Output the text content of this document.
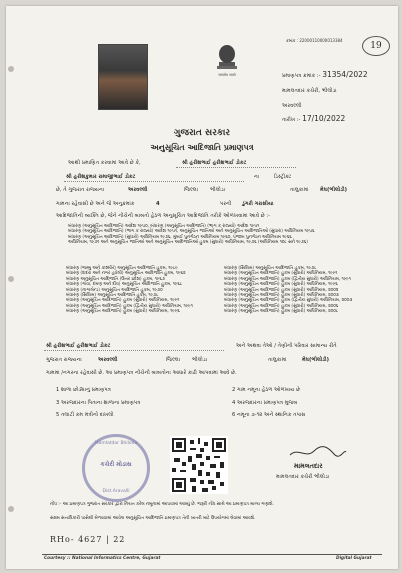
ક્રમાંક : 22000110000013384
19
सत्यमेव जयते	પ્રમાણપત્ર ક્રમાંક :- 31354/2022
મામલતદાર કચેરી, ભીલોડા
અરવલ્લી
તારીખ :- 17/10/2022
ગુજરાત સરકાર
અનુસૂચિત આદિજાતિ પ્રમાણપત્ર
આથી પ્રમાણિત કરવામાં આવે છે કે,	શ્રી હરીશભાઈ હરીશભાઈ ડોકટ
શ્રી હરીશકુમાર રામાજીભાઈ ડોકટ	ના	ડિસ્ટ્રીક્ટ
છે, તે ગુજરાત રાજ્યના	અરવલ્લી	જિલ્લા ભીલોડા	તાલુકામાં મેઘ(ભીલોડી)
ગામના રહેવાસી છે અને જે અનુક્રમાંક	4	પરની ડુંગરી ગરાસીયા
આદિજાતિની વ્યક્તિ છે, જેને નીચેની બાબતો હેઠળ અનુસૂચિત આદિજાતિ તરીકે ઓળખવામાં આવે છે :-
બંધારણ (અનુસૂચિત આદિજાતિ) આદેશ ૧૯૫૦, બંધારણ (અનુસૂચિત આદિજાતિ) (ભાગ ક રાજ્યો) આદેશ ૧૯૫૧
બંધારણ (અનુસૂચિત આદિજાતિ) (ભાગ ક રાજ્યો) આદેશ ૧૯૫૧, અનુસૂચિત જાતિઓ અને અનુસૂચિત આદિજાતિઓ (સુધારા) અધિનિયમ ૧૯૫૬
બંધારણ (અનુસૂચિત આદિજાતિ) (સુધારો) અધિનિયમ ૧૯૭૬, મુંબઈ પુનર્ગઠન અધિનિયમ ૧૯૬૦, પંજાબ પુનર્ગઠન અધિનિયમ ૧૯૬૬
અધિનિયમ, ૧૯૭૧ અને અનુસૂચિત જાતિઓ અને અનુસૂચિત આદિજાતિઓ હુકમ (સુધારો) અધિનિયમ, ૧૯૭૬ (અધિનિયમ ૧૦૮ સને ૧૯૭૬)
બંધારણ (જમ્મુ અને કાશ્મીર) અનુસૂચિત આદિજાતિ હુકમ, ૧૯૮૯
બંધારણ (દાદરા અને નગર હવેલી) અનુસૂચિત આદિજાતિ હુકમ, ૧૯૬૨
બંધારણ અનુસૂચિત આદિજાતિ (ઉત્તર પ્રદેશ) હુકમ, ૧૯૬૭
બંધારણ (ગોવા, દમણ અને દીવ) અનુસૂચિત આદિજાતિ હુકમ, ૧૯૬૮
બંધારણ (નાગાલેન્ડ) અનુસૂચિત આદિજાતિ હુકમ, ૧૯૭૦
બંધારણ (સિક્કિમ) અનુસૂચિત આદિજાતિ હુકમ, ૧૯૭૮
બંધારણ (અનુસૂચિત આદિજાતિ) હુકમ (સુધારો) અધિનિયમ, ૧૯૯૧
બંધારણ (અનુસૂચિત આદિજાતિ) હુકમ (દ્વિતીય સુધારો) અધિનિયમ, ૧૯૯૧
બંધારણ (અનુસૂચિત આદિજાતિ) હુકમ (સુધારો) અધિનિયમ, ૧૯૯૬
બંધારણ (સિક્કિમ) અનુસૂચિત આદિજાતિ હુકમ, ૧૯૭૮
બંધારણ (અનુસૂચિત આદિજાતિ) હુકમ (સુધારો) અધિનિયમ, ૧૯૯૧
બંધારણ (અનુસૂચિત આદિજાતિ) હુકમ (દ્વિતીય સુધારો) અધિનિયમ, ૧૯૯૧
બંધારણ (અનુસૂચિત આદિજાતિ) હુકમ (સુધારો) અધિનિયમ, ૧૯૯૬
બંધારણ (અનુસૂચિત આદિજાતિ) હુકમ (સુધારો) અધિનિયમ, ૨૦૦૨
બંધારણ (અનુસૂચિત આદિજાતિ) હુકમ (સુધારો) અધિનિયમ, ૨૦૦૩
બંધારણ (અનુસૂચિત આદિજાતિ) હુકમ (દ્વિતીય સુધારો) અધિનિયમ, ૨૦૦૩
બંધારણ (અનુસૂચિત આદિજાતિ) હુકમ (સુધારો) અધિનિયમ, ૨૦૦૬
બંધારણ (અનુસૂચિત આદિજાતિ) હુકમ (સુધારો) અધિનિયમ, ૨૦૦૮
શ્રી હરીશભાઈ હરીશભાઈ ડોકટ	અને અથવા તેઓ / તેણીની પરિવાર સામાન્ય રીતે
ગુજરાત રાજ્યના	અરવલ્લી	જિલ્લા ભીલોડા	તાલુકામાં	મેઘ(ભીલોડી)
ગામમાં /નગરના રહેવાસી છે. આ પ્રમાણપત્ર નીચેની બાબતોના આધારે કાઢી આપવામાં આવે છે.
1 શાળા છોડ્યાનું પ્રમાણપત્ર
3 અરજદારના પિતાના શાળાના પ્રમાણપત્ર
5 તલાટી કમ મંત્રીનો દાખલો
2 ગામ નમૂના હેઠળ ઓળખાય છે
4 અરજદારના પ્રમાણપત્ર મુજબ
6 નમૂના ૭-૧૨ અને સ્થાનિક તપાસ
Mamlatdar Bhiloda
કચેરી મોડાસ
Dist.Aravalli
મામલતદાર
મામલતદાર કચેરી ભીલોડા
નોંધ :- આ પ્રમાણપત્ર ગુજરાત સરકાર દ્વારા નિયત કરેલ નમૂનામાં આપવામાં આવ્યું છે. જરૂરી નોંધ સાથે આ પ્રમાણપત્ર માન્ય ગણાશે.
સક્ષમ સત્તાધિકારી પાસેથી મેળવવામાં આવેલ અનુસૂચિત આદિજાતિ પ્રમાણપત્ર તેની ખાતરી માટે ઉપયોગમાં લેવામાં આવશે.
RHo- 4627 | 22
Courtesy :: National Informatics Centre, Gujarat	Digital Gujarat
